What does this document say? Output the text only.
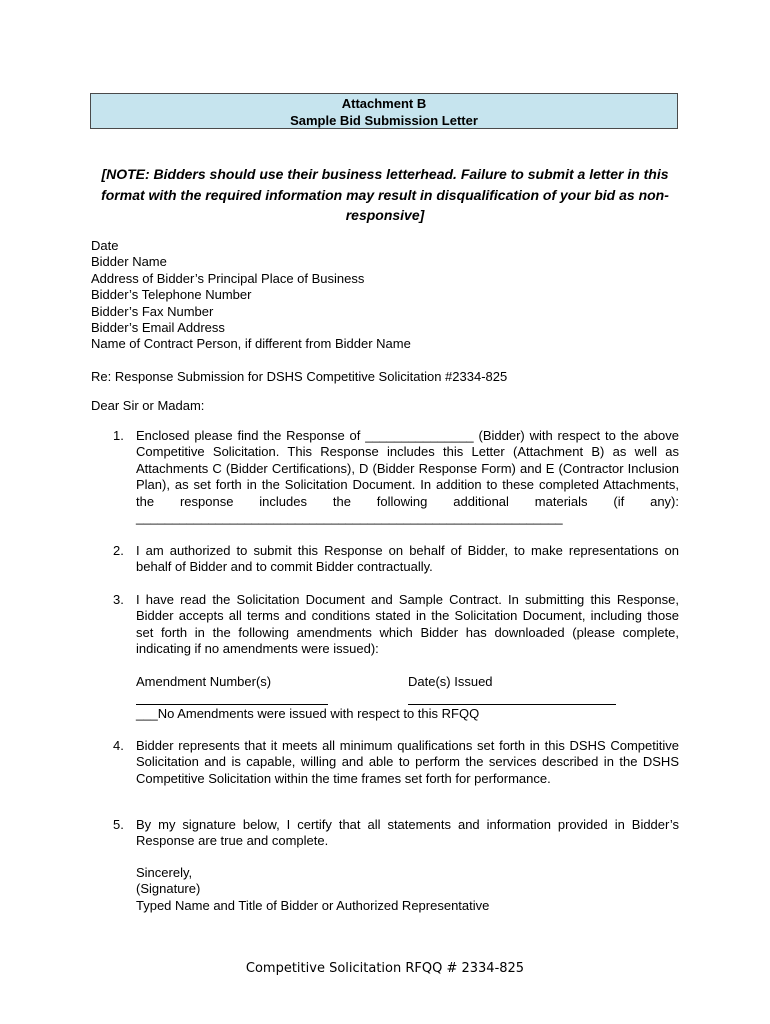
Attachment B
Sample Bid Submission Letter
[NOTE: Bidders should use their business letterhead. Failure to submit a letter in this format with the required information may result in disqualification of your bid as non-responsive]
Date
Bidder Name
Address of Bidder’s Principal Place of Business
Bidder’s Telephone Number
Bidder’s Fax Number
Bidder’s Email Address
Name of Contract Person, if different from Bidder Name
Re: Response Submission for DSHS Competitive Solicitation #2334-825
Dear Sir or Madam:
1. Enclosed please find the Response of _______________ (Bidder) with respect to the above Competitive Solicitation. This Response includes this Letter (Attachment B) as well as Attachments C (Bidder Certifications), D (Bidder Response Form) and E (Contractor Inclusion Plan), as set forth in the Solicitation Document. In addition to these completed Attachments, the response includes the following additional materials (if any): ___________________________________________________________
2. I am authorized to submit this Response on behalf of Bidder, to make representations on behalf of Bidder and to commit Bidder contractually.
3. I have read the Solicitation Document and Sample Contract. In submitting this Response, Bidder accepts all terms and conditions stated in the Solicitation Document, including those set forth in the following amendments which Bidder has downloaded (please complete, indicating if no amendments were issued):
Amendment Number(s)	Date(s) Issued
___No Amendments were issued with respect to this RFQQ
4. Bidder represents that it meets all minimum qualifications set forth in this DSHS Competitive Solicitation and is capable, willing and able to perform the services described in the DSHS Competitive Solicitation within the time frames set forth for performance.
5. By my signature below, I certify that all statements and information provided in Bidder’s Response are true and complete.
Sincerely,
(Signature)
Typed Name and Title of Bidder or Authorized Representative
Competitive Solicitation RFQQ # 2334-825
